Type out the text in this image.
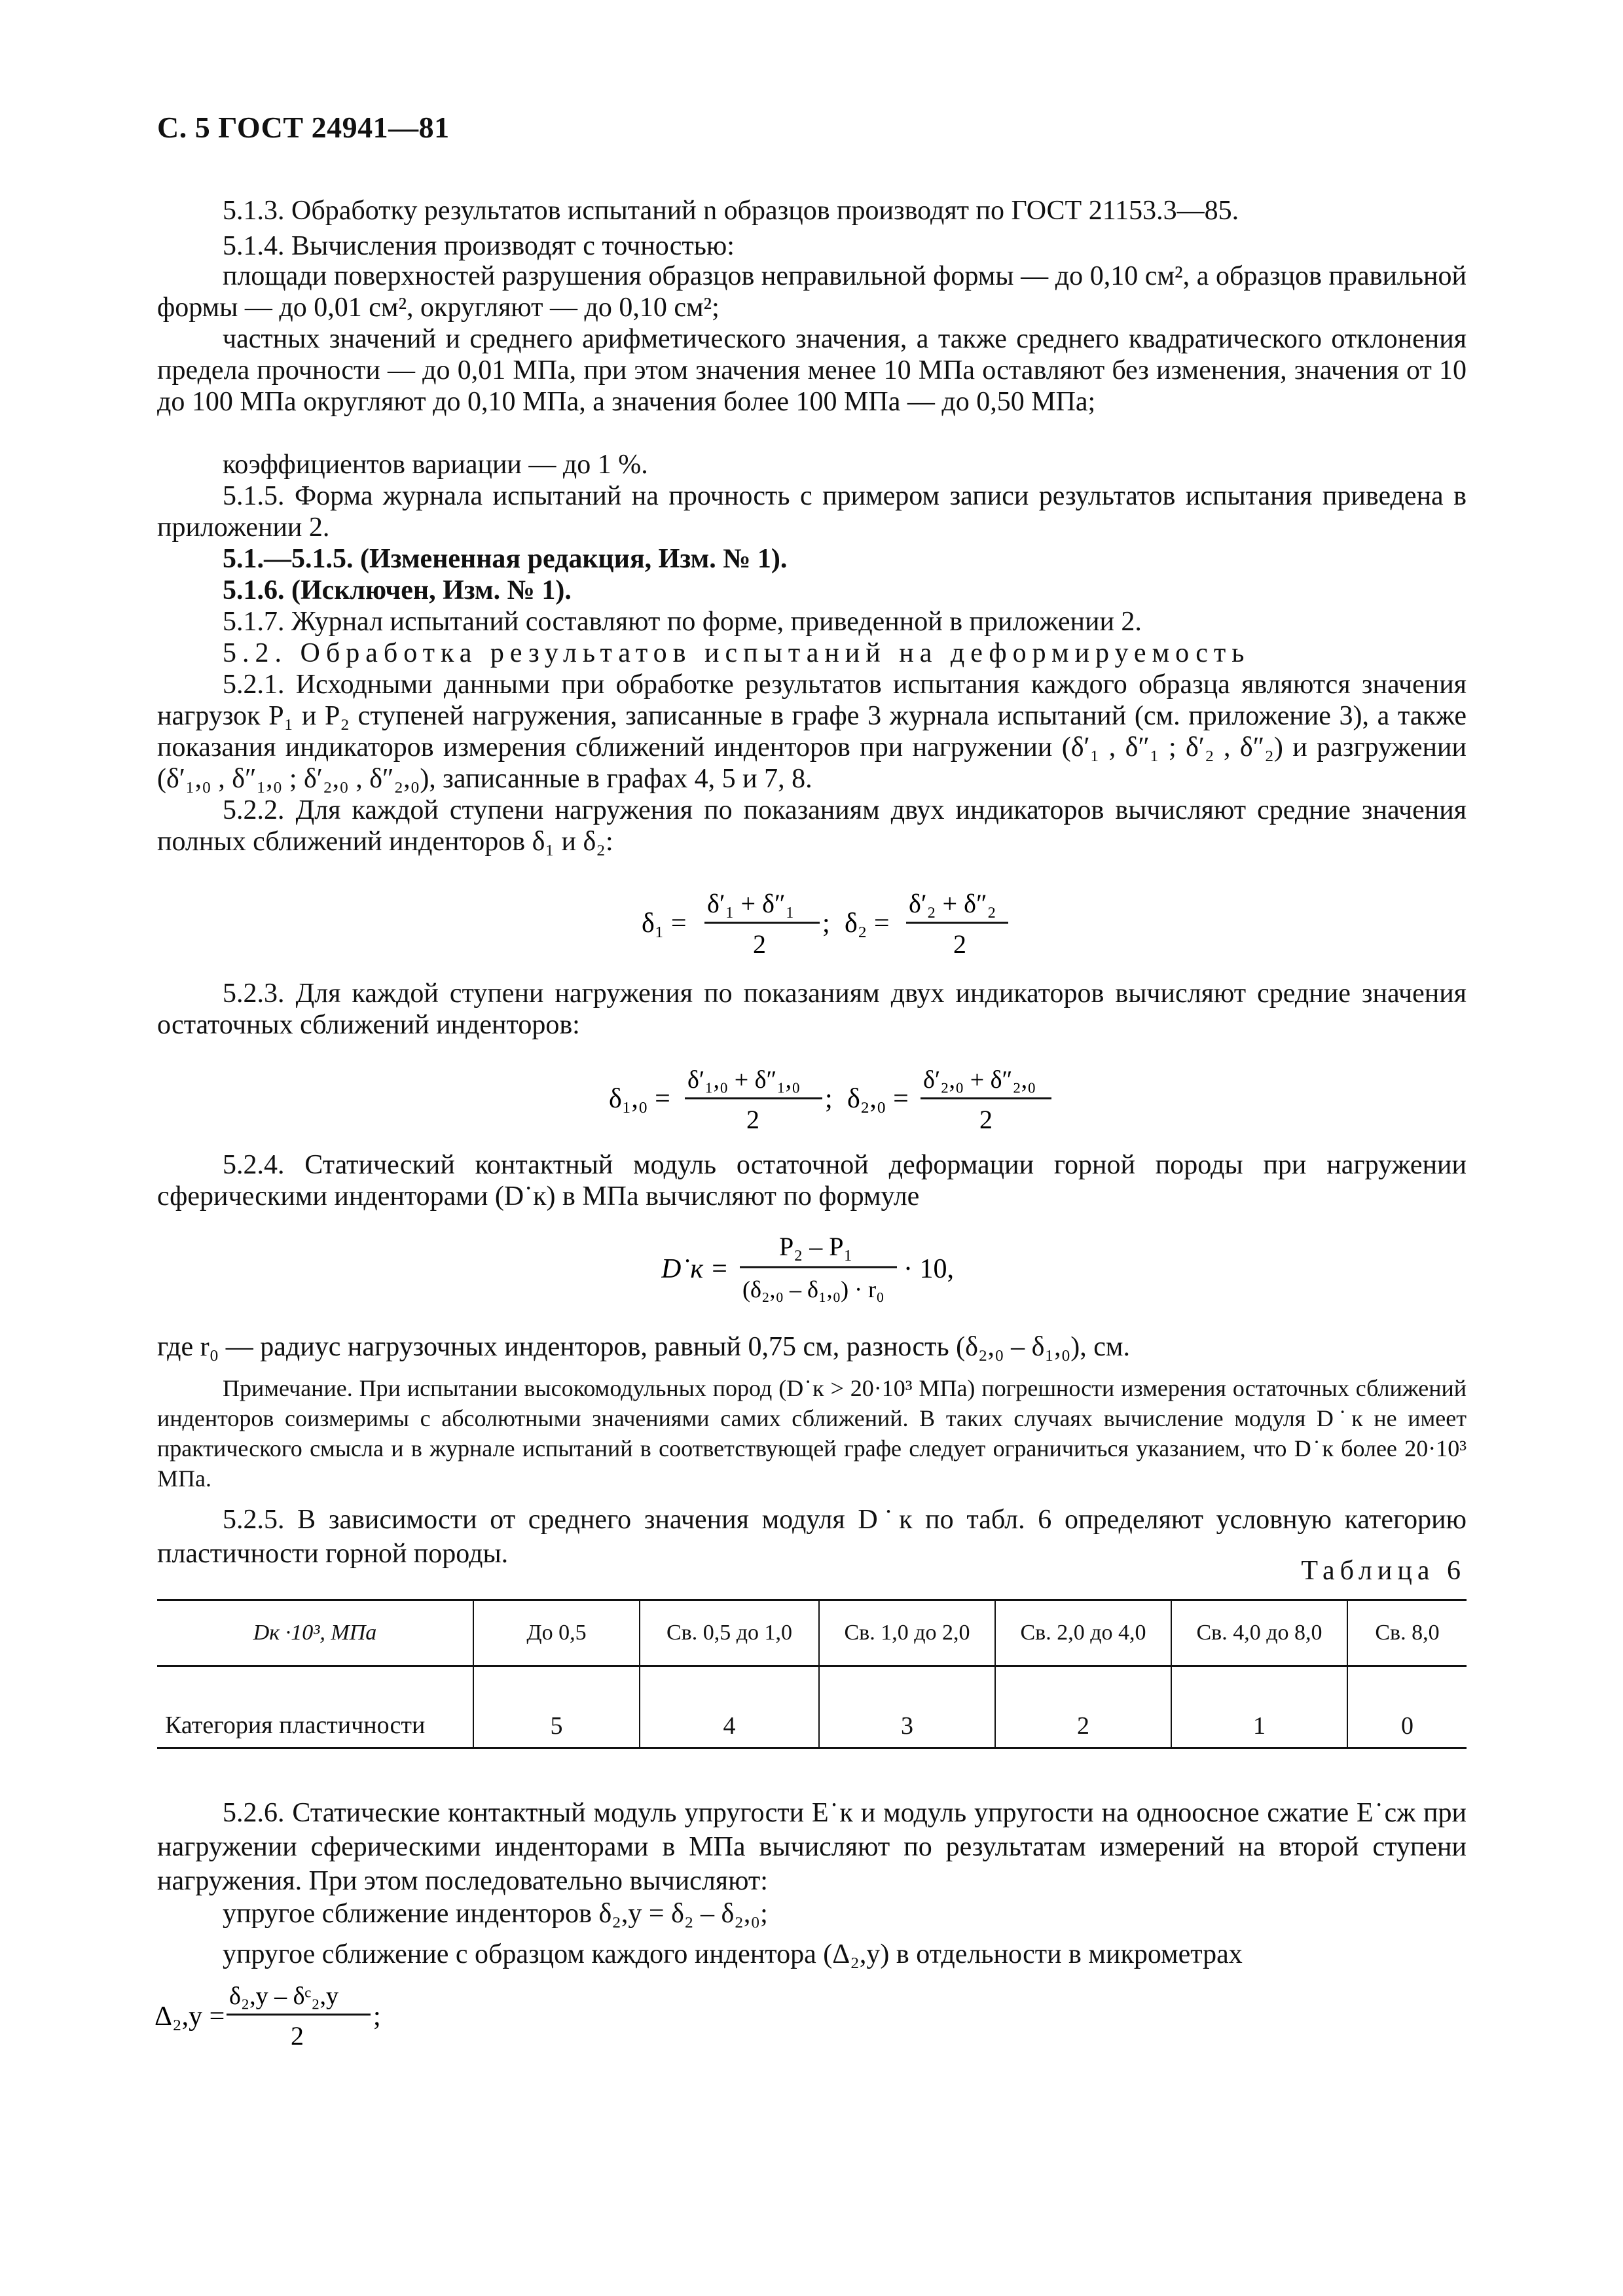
С. 5 ГОСТ 24941—81
5.1.3. Обработку результатов испытаний n образцов производят по ГОСТ 21153.3—85.
5.1.4. Вычисления производят с точностью:
площади поверхностей разрушения образцов неправильной формы — до 0,10 см², а образцов правильной формы — до 0,01 см², округляют — до 0,10 см²;
частных значений и среднего арифметического значения, а также среднего квадратического отклонения предела прочности — до 0,01 МПа, при этом значения менее 10 МПа оставляют без изменения, значения от 10 до 100 МПа округляют до 0,10 МПа, а значения более 100 МПа — до 0,50 МПа;
коэффициентов вариации — до 1 %.
5.1.5. Форма журнала испытаний на прочность с примером записи результатов испытания приведена в приложении 2.
5.1.—5.1.5. (Измененная редакция, Изм. № 1).
5.1.6. (Исключен, Изм. № 1).
5.1.7. Журнал испытаний составляют по форме, приведенной в приложении 2.
5.2. Обработка результатов испытаний на деформируемость
5.2.1. Исходными данными при обработке результатов испытания каждого образца являются значения нагрузок P₁ и P₂ ступеней нагружения, записанные в графе 3 журнала испытаний (см. приложение 3), а также показания индикаторов измерения сближений инденторов при нагружении (δ′₁ , δ″₁ ; δ′₂ , δ″₂) и разгружении (δ′₁,₀ , δ″₁,₀ ; δ′₂,₀ , δ″₂,₀), записанные в графах 4, 5 и 7, 8.
5.2.2. Для каждой ступени нагружения по показаниям двух индикаторов вычисляют средние значения полных сближений инденторов δ₁ и δ₂:
δ₁ =
δ′₁ + δ″₁
2
; δ₂ =
δ′₂ + δ″₂
2
5.2.3. Для каждой ступени нагружения по показаниям двух индикаторов вычисляют средние значения остаточных сближений инденторов:
δ₁,₀ =
δ′₁,₀ + δ″₁,₀
2
; δ₂,₀ =
δ′₂,₀ + δ″₂,₀
2
5.2.4. Статический контактный модуль остаточной деформации горной породы при нагружении сферическими инденторами (D˙к) в МПа вычисляют по формуле
D˙к =
P₂ – P₁
(δ₂,₀ – δ₁,₀) · r₀
· 10,
где r₀ — радиус нагрузочных инденторов, равный 0,75 см, разность (δ₂,₀ – δ₁,₀), см.
Примечание. При испытании высокомодульных пород (D˙к > 20·10³ МПа) погрешности измерения остаточных сближений инденторов соизмеримы с абсолютными значениями самих сближений. В таких случаях вычисление модуля D˙к не имеет практического смысла и в журнале испытаний в соответствующей графе следует ограничиться указанием, что D˙к более 20·10³ МПа.
5.2.5. В зависимости от среднего значения модуля D˙к по табл. 6 определяют условную категорию пластичности горной породы.
Таблица 6
Dк ·10³, МПа	До 0,5	Св. 0,5 до 1,0	Св. 1,0 до 2,0	Св. 2,0 до 4,0	Св. 4,0 до 8,0	Св. 8,0
Категория пластичности	5	4	3	2	1	0
5.2.6. Статические контактный модуль упругости E˙к и модуль упругости на одноосное сжатие E˙сж при нагружении сферическими инденторами в МПа вычисляют по результатам измерений на второй ступени нагружения. При этом последовательно вычисляют:
упругое сближение инденторов δ₂,у = δ₂ – δ₂,₀;
упругое сближение с образцом каждого индентора (Δ₂,у) в отдельности в микрометрах
Δ₂,у =
δ₂,у – δᶜ₂,у
2
;
